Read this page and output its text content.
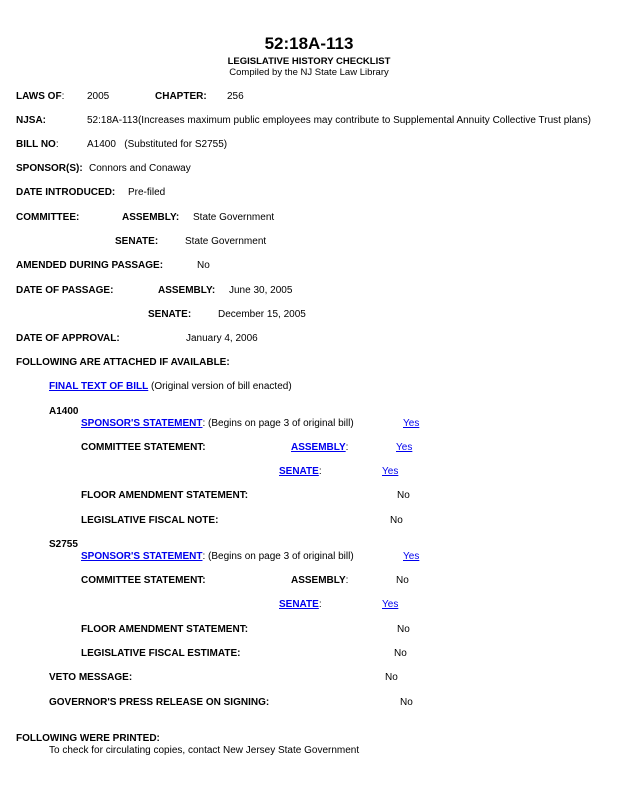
52:18A-113
LEGISLATIVE HISTORY CHECKLIST
Compiled by the NJ State Law Library
LAWS OF: 2005	CHAPTER: 256
NJSA:	52:18A-113(Increases maximum public employees may contribute to Supplemental Annuity Collective Trust plans)
BILL NO:	A1400   (Substituted for S2755)
SPONSOR(S): Connors and Conaway
DATE INTRODUCED: Pre-filed
COMMITTEE:	ASSEMBLY: State Government
SENATE:	State Government
AMENDED DURING PASSAGE:	No
DATE OF PASSAGE:	ASSEMBLY: June 30, 2005
SENATE:	December 15, 2005
DATE OF APPROVAL:	January 4, 2006
FOLLOWING ARE ATTACHED IF AVAILABLE:
FINAL TEXT OF BILL (Original version of bill enacted)
A1400
SPONSOR'S STATEMENT: (Begins on page 3 of original bill)	Yes
COMMITTEE STATEMENT:	ASSEMBLY:	Yes
SENATE:	Yes
FLOOR AMENDMENT STATEMENT:	No
LEGISLATIVE FISCAL NOTE:	No
S2755
SPONSOR'S STATEMENT: (Begins on page 3 of original bill)	Yes
COMMITTEE STATEMENT:	ASSEMBLY:	No
SENATE:	Yes
FLOOR AMENDMENT STATEMENT:	No
LEGISLATIVE FISCAL ESTIMATE:	No
VETO MESSAGE:	No
GOVERNOR'S PRESS RELEASE ON SIGNING:	No
FOLLOWING WERE PRINTED:
To check for circulating copies, contact New Jersey State Government
